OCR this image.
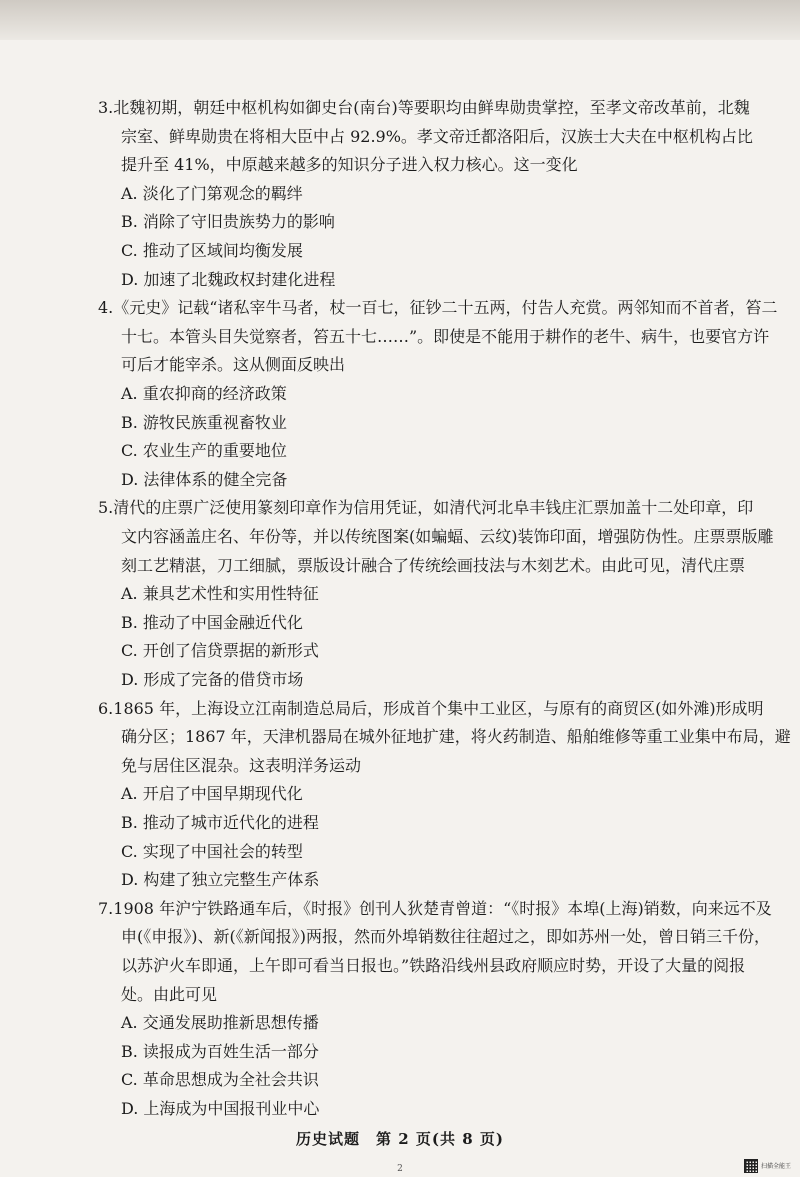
3.北魏初期，朝廷中枢机构如御史台(南台)等要职均由鲜卑勋贵掌控，至孝文帝改革前，北魏
宗室、鲜卑勋贵在将相大臣中占 92.9%。孝文帝迁都洛阳后，汉族士大夫在中枢机构占比
提升至 41%，中原越来越多的知识分子进入权力核心。这一变化
A. 淡化了门第观念的羁绊
B. 消除了守旧贵族势力的影响
C. 推动了区域间均衡发展
D. 加速了北魏政权封建化进程
4.《元史》记载“诸私宰牛马者，杖一百七，征钞二十五两，付告人充赏。两邻知而不首者，笞二
十七。本管头目失觉察者，笞五十七……”。即使是不能用于耕作的老牛、病牛，也要官方许
可后才能宰杀。这从侧面反映出
A. 重农抑商的经济政策
B. 游牧民族重视畜牧业
C. 农业生产的重要地位
D. 法律体系的健全完备
5.清代的庄票广泛使用篆刻印章作为信用凭证，如清代河北阜丰钱庄汇票加盖十二处印章，印
文内容涵盖庄名、年份等，并以传统图案(如蝙蝠、云纹)装饰印面，增强防伪性。庄票票版雕
刻工艺精湛，刀工细腻，票版设计融合了传统绘画技法与木刻艺术。由此可见，清代庄票
A. 兼具艺术性和实用性特征
B. 推动了中国金融近代化
C. 开创了信贷票据的新形式
D. 形成了完备的借贷市场
6.1865 年，上海设立江南制造总局后，形成首个集中工业区，与原有的商贸区(如外滩)形成明
确分区；1867 年，天津机器局在城外征地扩建，将火药制造、船舶维修等重工业集中布局，避
免与居住区混杂。这表明洋务运动
A. 开启了中国早期现代化
B. 推动了城市近代化的进程
C. 实现了中国社会的转型
D. 构建了独立完整生产体系
7.1908 年沪宁铁路通车后，《时报》创刊人狄楚青曾道：“《时报》本埠(上海)销数，向来远不及
申(《申报》)、新(《新闻报》)两报，然而外埠销数往往超过之，即如苏州一处，曾日销三千份，
以苏沪火车即通，上午即可看当日报也。”铁路沿线州县政府顺应时势，开设了大量的阅报
处。由此可见
A. 交通发展助推新思想传播
B. 读报成为百姓生活一部分
C. 革命思想成为全社会共识
D. 上海成为中国报刊业中心
历史试题　第 2 页(共 8 页)
2	扫描全能王
